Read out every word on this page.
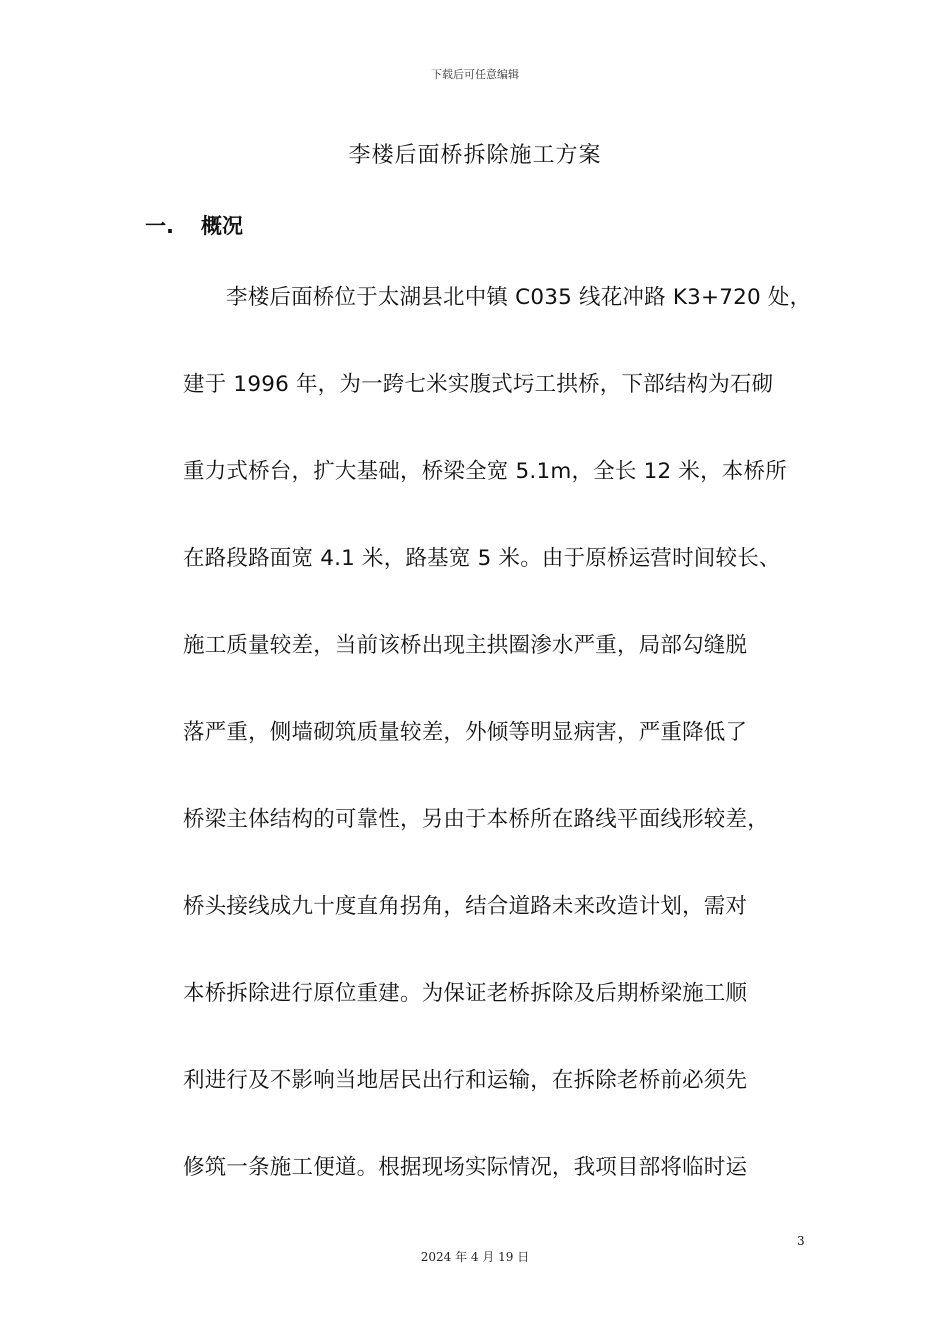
下载后可任意编辑
李楼后面桥拆除施工方案
一. 概况
李楼后面桥位于太湖县北中镇 C035 线花冲路 K3+720 处，
建于 1996 年，为一跨七米实腹式圬工拱桥，下部结构为石砌
重力式桥台，扩大基础，桥梁全宽 5.1m，全长 12 米，本桥所
在路段路面宽 4.1 米，路基宽 5 米。由于原桥运营时间较长、
施工质量较差，当前该桥出现主拱圈渗水严重，局部勾缝脱
落严重，侧墙砌筑质量较差，外倾等明显病害，严重降低了
桥梁主体结构的可靠性，另由于本桥所在路线平面线形较差，
桥头接线成九十度直角拐角，结合道路未来改造计划，需对
本桥拆除进行原位重建。为保证老桥拆除及后期桥梁施工顺
利进行及不影响当地居民出行和运输，在拆除老桥前必须先
修筑一条施工便道。根据现场实际情况，我项目部将临时运
3
2024 年 4 月 19 日
